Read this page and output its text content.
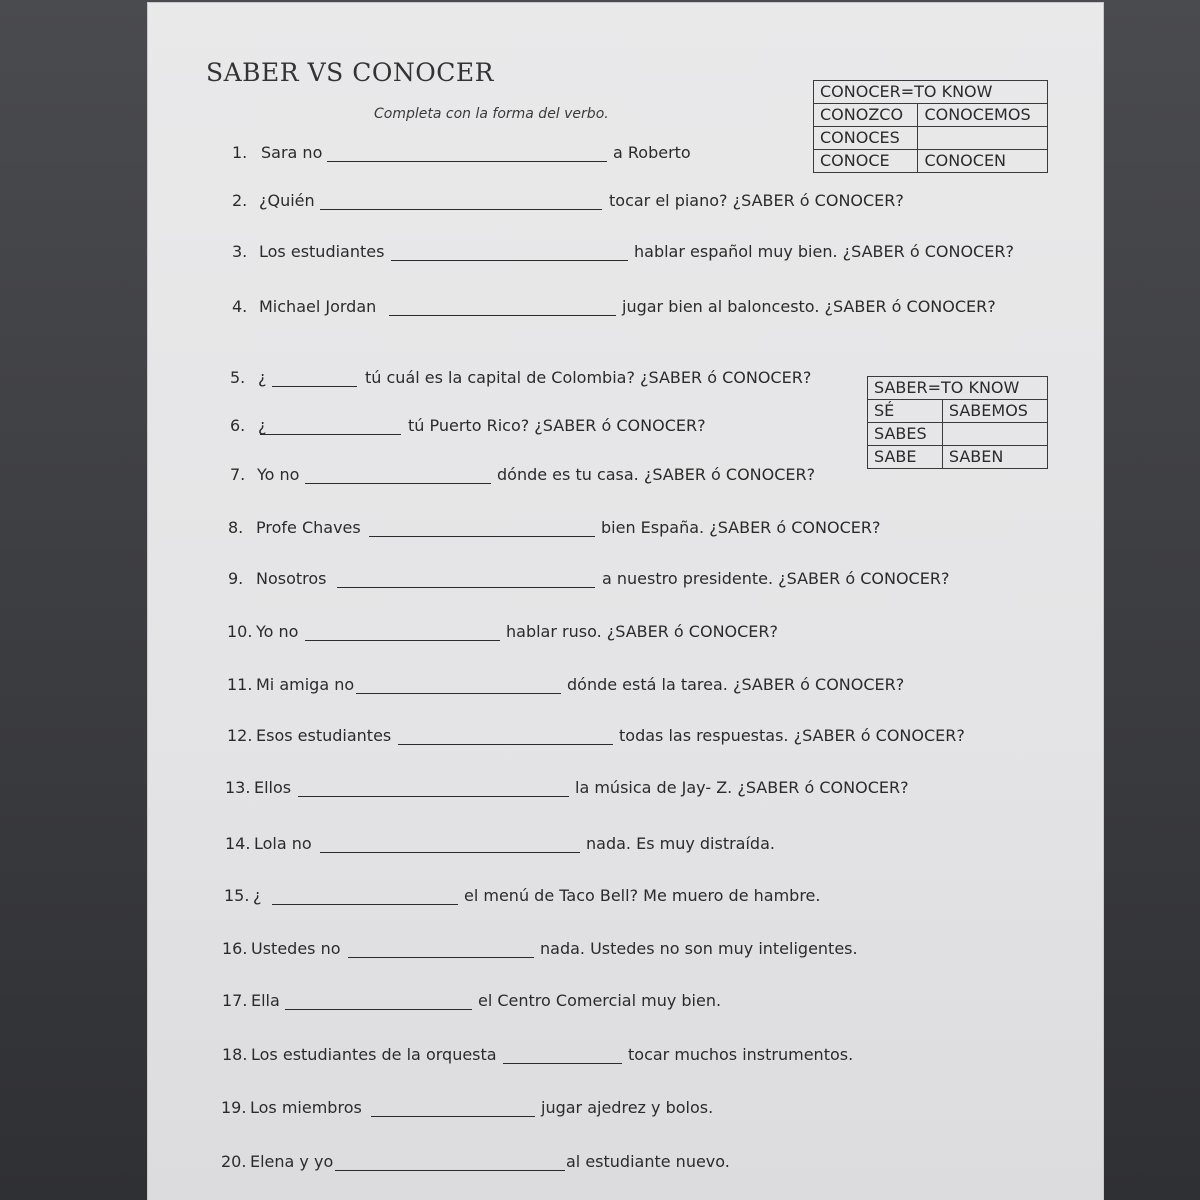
SABER VS CONOCER
Completa con la forma del verbo.
CONOCER=TO KNOW	
CONOZCO	CONOCEMOS
CONOCES	
CONOCE	CONOCEN
SABER=TO KNOW	
SÉ	SABEMOS
SABES	
SABE	SABEN
1. Sara no	a Roberto
2. ¿Quién	tocar el piano? ¿SABER ó CONOCER?
3. Los estudiantes	hablar español muy bien. ¿SABER ó CONOCER?
4. Michael Jordan	jugar bien al baloncesto. ¿SABER ó CONOCER?
5. ¿	tú cuál es la capital de Colombia? ¿SABER ó CONOCER?
6. ¿	tú Puerto Rico? ¿SABER ó CONOCER?
7. Yo no	dónde es tu casa. ¿SABER ó CONOCER?
8. Profe Chaves	bien España. ¿SABER ó CONOCER?
9. Nosotros	a nuestro presidente. ¿SABER ó CONOCER?
10. Yo no	hablar ruso. ¿SABER ó CONOCER?
11. Mi amiga no	dónde está la tarea. ¿SABER ó CONOCER?
12. Esos estudiantes	todas las respuestas. ¿SABER ó CONOCER?
13. Ellos	la música de Jay- Z. ¿SABER ó CONOCER?
14. Lola no	nada. Es muy distraída.
15. ¿	el menú de Taco Bell? Me muero de hambre.
16. Ustedes no	nada. Ustedes no son muy inteligentes.
17. Ella	el Centro Comercial muy bien.
18. Los estudiantes de la orquesta	tocar muchos instrumentos.
19. Los miembros	jugar ajedrez y bolos.
20. Elena y yo	al estudiante nuevo.
